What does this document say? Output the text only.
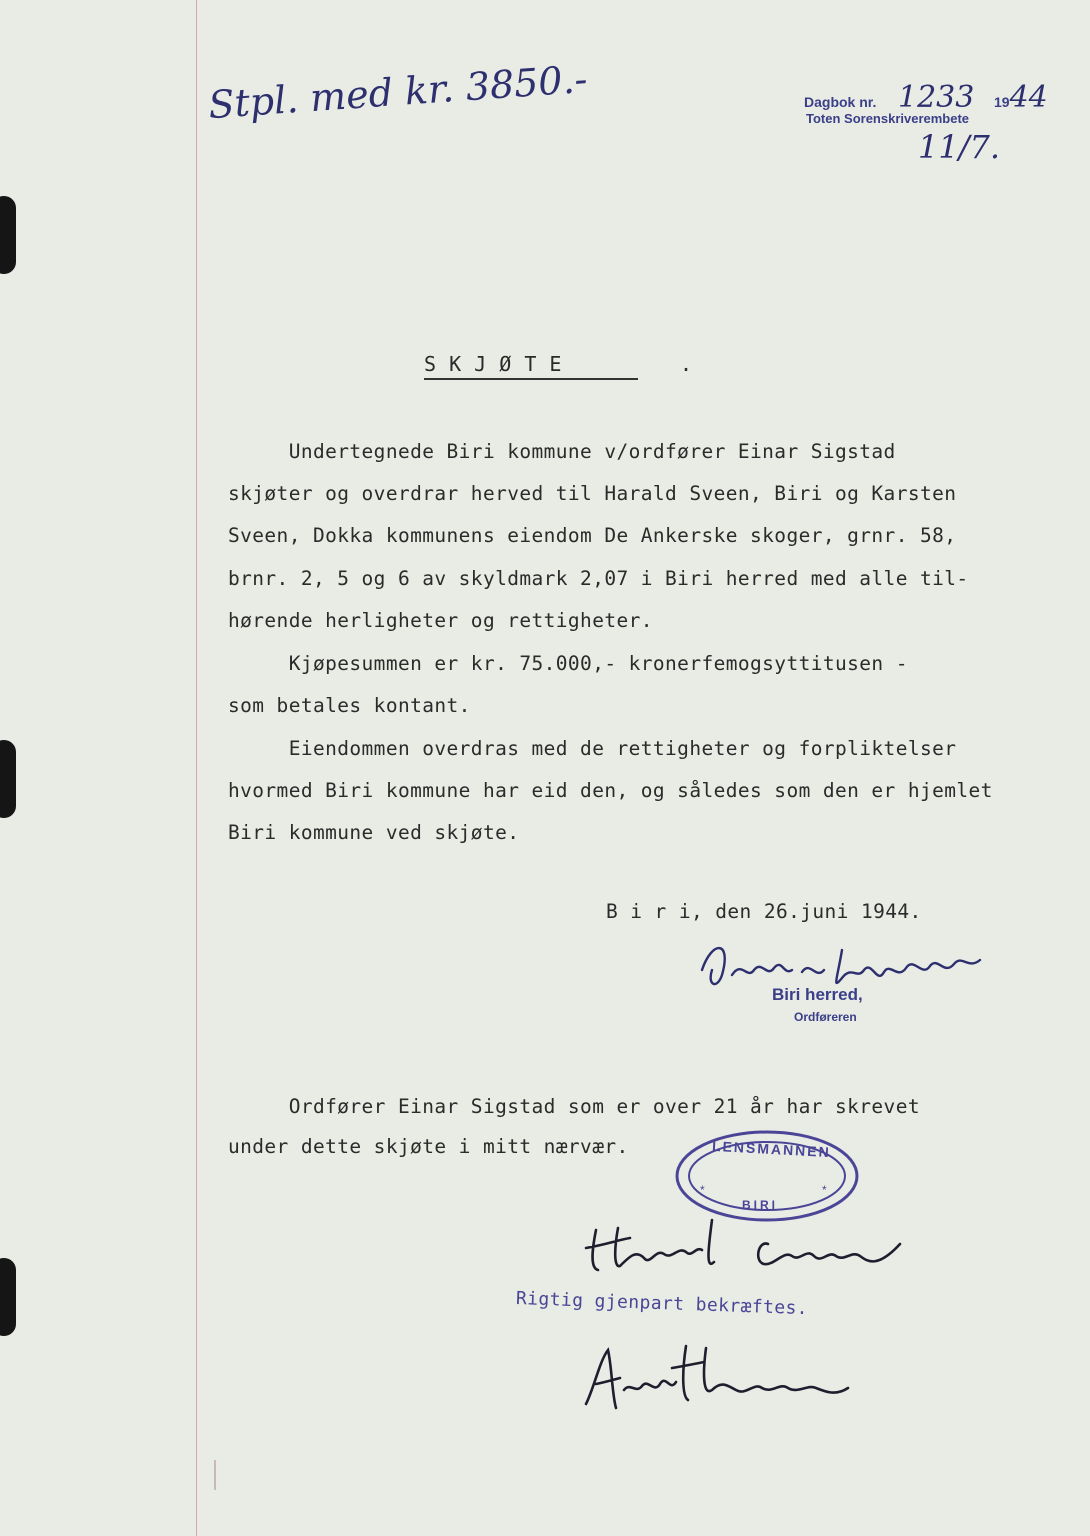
Stpl. med kr. 3850.-	Dagbok nr. 1233 1944
Toten Sorenskriverembete
11/7.
S K J Ø T E	.
Undertegnede Biri kommune v/ordfører Einar Sigstad
skjøter og overdrar herved til Harald Sveen, Biri og Karsten
Sveen, Dokka kommunens eiendom De Ankerske skoger, grnr. 58,
brnr. 2, 5 og 6 av skyldmark 2,07 i Biri herred med alle til-
hørende herligheter og rettigheter.
Kjøpesummen er kr. 75.000,- kronerfemogsyttitusen -
som betales kontant.
Eiendommen overdras med de rettigheter og forpliktelser
hvormed Biri kommune har eid den, og således som den er hjemlet
Biri kommune ved skjøte.
B i r i, den 26.juni 1944.
Biri herred,
Ordføreren
Ordfører Einar Sigstad som er over 21 år har skrevet
under dette skjøte i mitt nærvær.
*	*
LENSMANNEN
BIRI
Rigtig gjenpart bekræftes.
